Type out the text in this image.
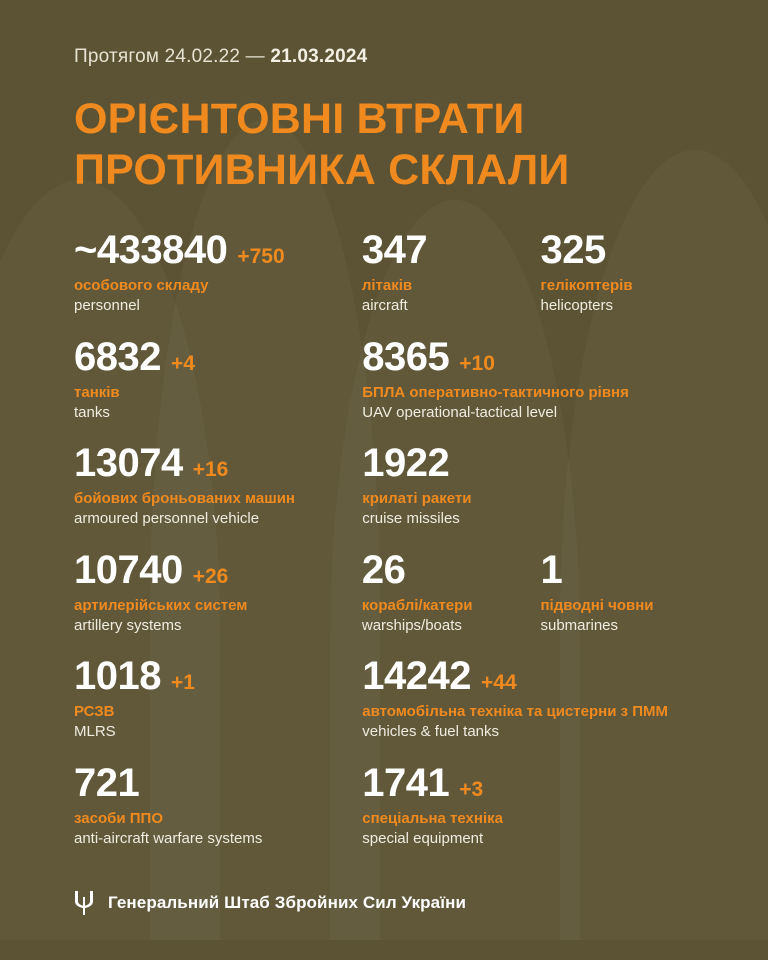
Протягом 24.02.22 — 21.03.2024
ОРІЄНТОВНІ ВТРАТИ
ПРОТИВНИКА СКЛАЛИ
~433840 +750
особового складу
personnel
347
літаків
aircraft
325
гелікоптерів
helicopters
6832 +4
танків
tanks
8365 +10
БПЛА оперативно-тактичного рівня
UAV operational-tactical level
13074 +16
бойових броньованих машин
armoured personnel vehicle
1922
крилаті ракети
cruise missiles
10740 +26
артилерійських систем
artillery systems
26
кораблі/катери
warships/boats
1
підводні човни
submarines
1018 +1
РСЗВ
MLRS
14242 +44
автомобільна техніка та цистерни з ПММ
vehicles & fuel tanks
721
засоби ППО
anti-aircraft warfare systems
1741 +3
спеціальна техніка
special equipment
Генеральний Штаб Збройних Сил України
